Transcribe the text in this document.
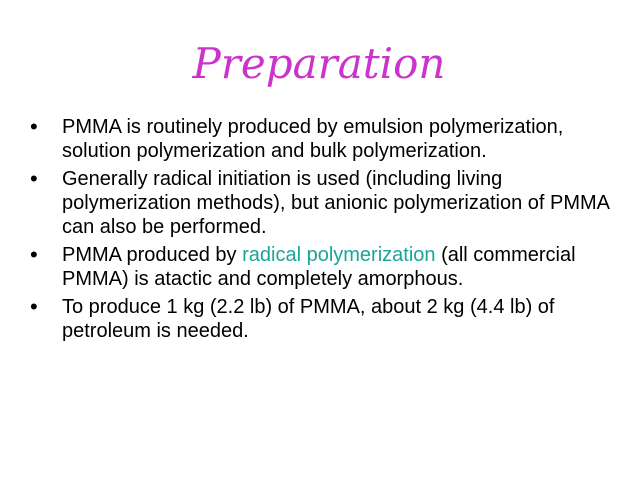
Preparation
•	PMMA is routinely produced by emulsion polymerization, solution polymerization and bulk polymerization.
•	Generally radical initiation is used (including living polymerization methods), but anionic polymerization of PMMA can also be performed.
•	PMMA produced by radical polymerization (all commercial PMMA) is atactic and completely amorphous.
•	To produce 1 kg (2.2 lb) of PMMA, about 2 kg (4.4 lb) of petroleum is needed.
